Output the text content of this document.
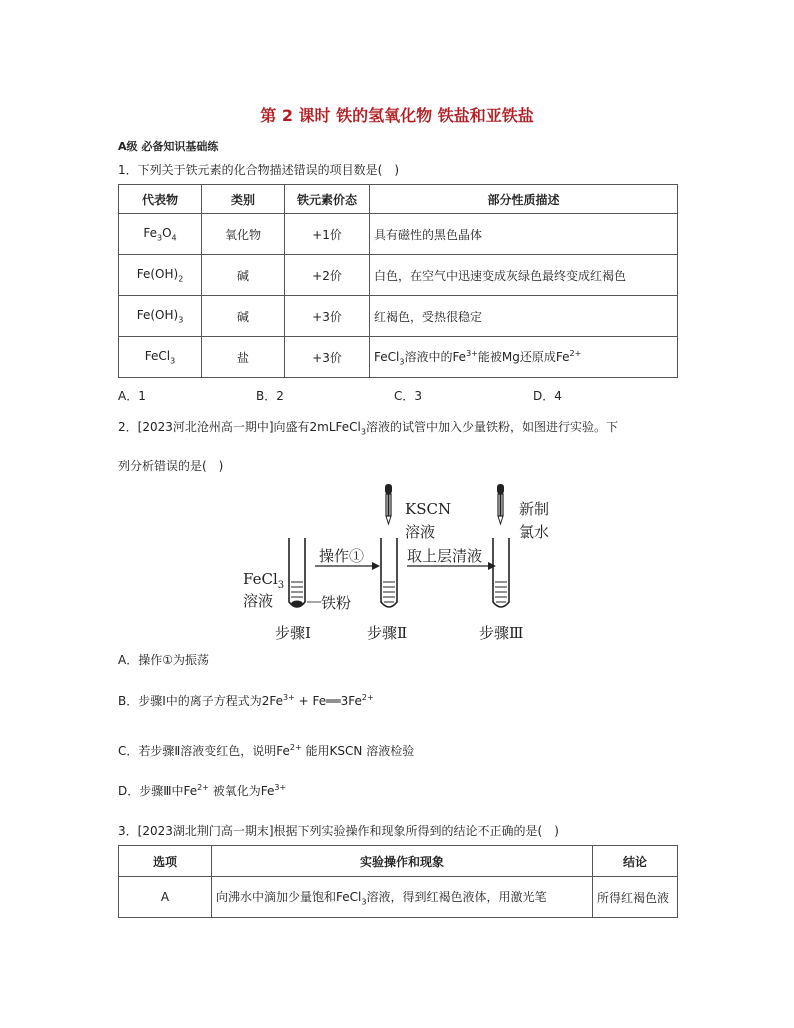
第 2 课时 铁的氢氧化物 铁盐和亚铁盐
A级 必备知识基础练
1．下列关于铁元素的化合物描述错误的项目数是(　)
代表物	类别	铁元素价态	部分性质描述
$Fe_3O_4$	氧化物	+1价	具有磁性的黑色晶体
$Fe(OH)_2$	碱	+2价	白色，在空气中迅速变成灰绿色最终变成红褐色
$Fe(OH)_3$	碱	+3价	红褐色，受热很稳定
FeCl$_3$	盐	+3价	FeCl$_3$溶液中的$Fe^{3+}$能被Mg还原成$Fe^{2+}$
A．1	B．2	C．3	D．4
2．[2023河北沧州高一期中]向盛有2mLFeCl$_3$溶液的试管中加入少量铁粉，如图进行实验。下
列分析错误的是(　)
FeCl$_3$
溶液	铁粉
操作①	取上层清液
KSCN
溶液
新制
氯水
步骤Ⅰ	步骤Ⅱ	步骤Ⅲ
A．操作①为振荡
B．步骤Ⅰ中的离子方程式为$2Fe^{3+}$ + $Fe══3Fe^{2+}$
C．若步骤Ⅱ溶液变红色，说明$Fe^{2+}$ 能用KSCN 溶液检验
D．步骤Ⅲ中$Fe^{2+}$ 被氧化为$Fe^{3+}$
3．[2023湖北荆门高一期末]根据下列实验操作和现象所得到的结论不正确的是(　)
选项	实验操作和现象	结论
A	向沸水中滴加少量饱和FeCl$_3$溶液，得到红褐色液体，用激光笔	所得红褐色液
